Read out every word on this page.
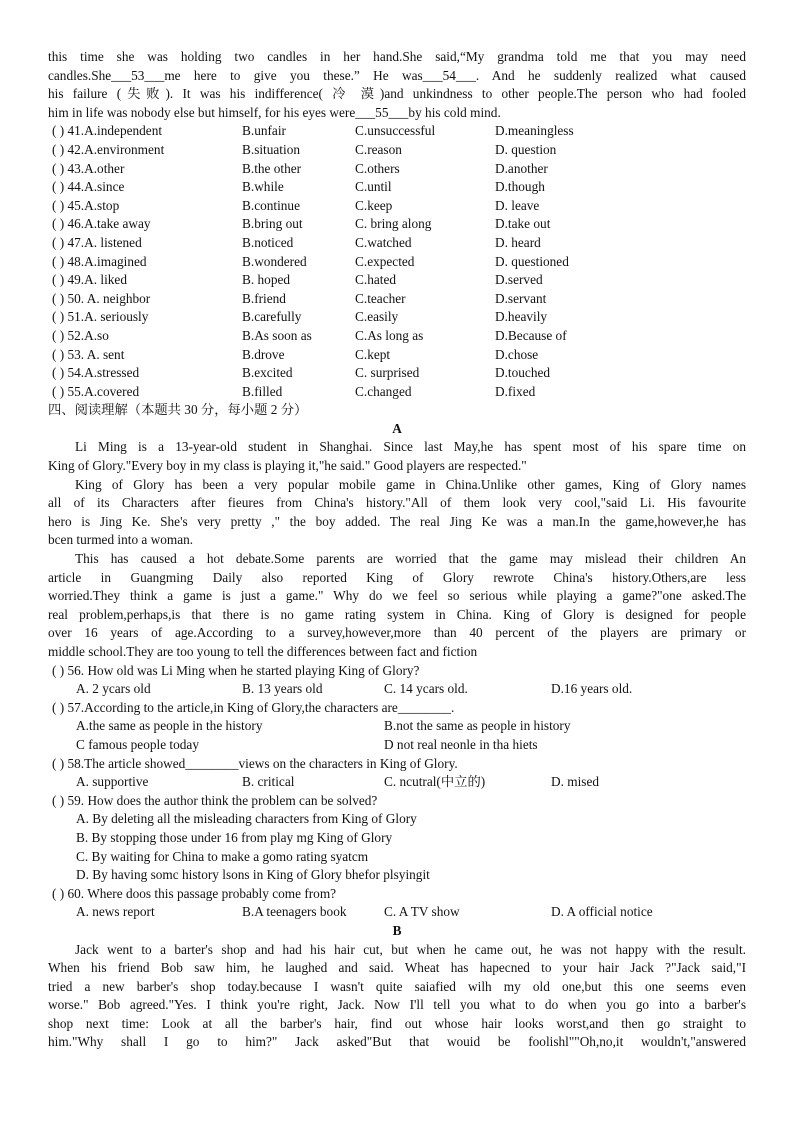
this time she was holding two candles in her hand.She said,“My grandma told me that you may need

candles.She___53___me here to give you these.” He was___54___. And he suddenly realized what caused

his failure (失败). It was his indifference( 冷 漠)and unkindness to other people.The person who had fooled

him in life was nobody else but himself, for his eyes were___55___by his cold mind.

( ) 41.A.independent	B.unfair	C.unsuccessful	D.meaningless
( ) 42.A.environment	B.situation	C.reason	D. question
( ) 43.A.other	B.the other	C.others	D.another
( ) 44.A.since	B.while	C.until	D.though
( ) 45.A.stop	B.continue	C.keep	D. leave
( ) 46.A.take away	B.bring out	C. bring along	D.take out
( ) 47.A. listened	B.noticed	C.watched	D. heard
( ) 48.A.imagined	B.wondered	C.expected	D. questioned
( ) 49.A. liked	B. hoped	C.hated	D.served
( ) 50. A. neighbor	B.friend	C.teacher	D.servant
( ) 51.A. seriously	B.carefully	C.easily	D.heavily
( ) 52.A.so	B.As soon as	C.As long as	D.Because of
( ) 53. A. sent	B.drove	C.kept	D.chose
( ) 54.A.stressed	B.excited	C. surprised	D.touched
( ) 55.A.covered	B.filled	C.changed	D.fixed

四、阅读理解（本题共 30 分，每小题 2 分）

A

Li Ming is a 13-year-old student in Shanghai. Since last May,he has spent most of his spare time on

King of Glory."Every boy in my class is playing it,"he said." Good players are respected."

King of Glory has been a very popular mobile game in China.Unlike other games, King of Glory names

all of its Characters after fieures from China's history."All of them look very cool,"said Li. His favourite

hero is Jing Ke. She's very pretty ," the boy added. The real Jing Ke was a man.In the game,however,he has

bcen turmed into a woman.

This has caused a hot debate.Some parents are worried that the game may mislead their children An

article in Guangming Daily also reported King of Glory rewrote China's history.Others,are less

worried.They think a game is just a game." Why do we feel so serious while playing a game?"one asked.The

real problem,perhaps,is that there is no game rating system in China. King of Glory is designed for people

over 16 years of age.According to a survey,however,more than 40 percent of the players are primary or

middle school.They are too young to tell the differences between fact and fiction

( ) 56. How old was Li Ming when he started playing King of Glory?
A. 2 ycars old	B. 13 years old	C. 14 ycars old.	D.16 years old.
( ) 57.According to the article,in King of Glory,the characters are________.
A.the same as people in the history	B.not the same as people in history
C famous people today	D not real neonle in tha hiets
( ) 58.The article showed________views on the characters in King of Glory.
A. supportive	B. critical	C. ncutral(中立的)	D. mised
( ) 59. How does the author think the problem can be solved?
A. By deleting all the misleading characters from King of Glory
B. By stopping those under 16 from play mg King of Glory
C. By waiting for China to make a gomo rating syatcm
D. By having somc history lsons in King of Glory bhefor plsyingit
( ) 60. Where doos this passage probably come from?
A. news report	B.A teenagers book	C. A TV show	D. A official notice

B

Jack went to a barter's shop and had his hair cut, but when he came out, he was not happy with the result.

When his friend Bob saw him, he laughed and said. Wheat has hapecned to your hair Jack ?"Jack said,"I

tried a new barber's shop today.because I wasn't quite saiafied wilh my old one,but this one seems even

worse." Bob agreed."Yes. I think you're right, Jack. Now I'll tell you what to do when you go into a barber's

shop next time: Look at all the barber's hair, find out whose hair looks worst,and then go straight to

him."Why shall I go to him?" Jack asked"But that wouid be foolishl""Oh,no,it wouldn't,"answered
